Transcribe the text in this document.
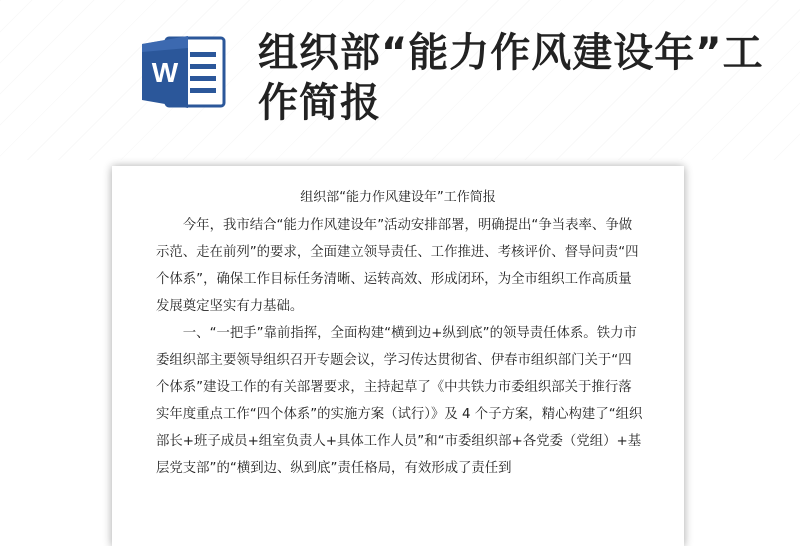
W 组织部“能力作风建设年”工作简报
组织部“能力作风建设年”工作简报

今年，我市结合“能力作风建设年”活动安排部署，明确提出“争当表率、争做示范、走在前列”的要求，全面建立领导责任、工作推进、考核评价、督导问责“四个体系”，确保工作目标任务清晰、运转高效、形成闭环，为全市组织工作高质量发展奠定坚实有力基础。

一、“一把手”靠前指挥，全面构建“横到边+纵到底”的领导责任体系。铁力市委组织部主要领导组织召开专题会议，学习传达贯彻省、伊春市组织部门关于“四个体系”建设工作的有关部署要求，主持起草了《中共铁力市委组织部关于推行落实年度重点工作“四个体系”的实施方案（试行）》及 4 个子方案，精心构建了“组织部长+班子成员+组室负责人+具体工作人员”和“市委组织部+各党委（党组）+基层党支部”的“横到边、纵到底”责任格局，有效形成了责任到
